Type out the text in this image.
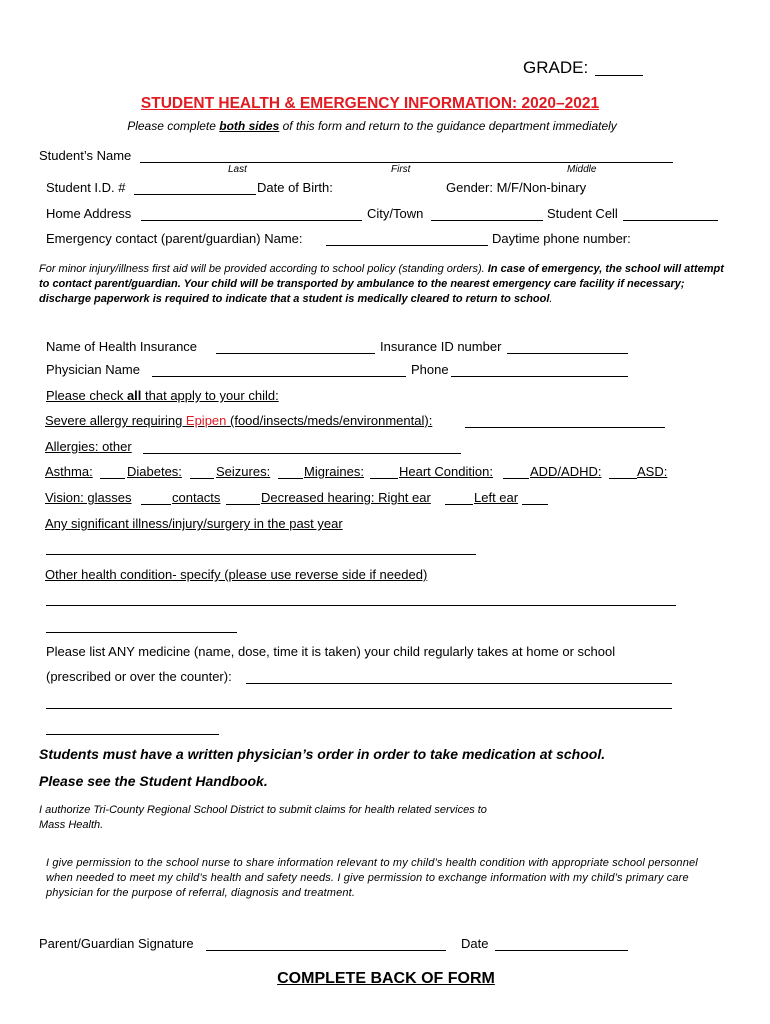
GRADE:
STUDENT HEALTH & EMERGENCY INFORMATION: 2020–2021
Please complete both sides of this form and return to the guidance department immediately
Student’s Name
Last	First	Middle
Student I.D. #	Date of Birth:	Gender: M/F/Non-binary
Home Address	City/Town	Student Cell
Emergency contact (parent/guardian) Name:	Daytime phone number:
For minor injury/illness first aid will be provided according to school policy (standing orders). In case of emergency, the school will attempt to contact parent/guardian. Your child will be transported by ambulance to the nearest emergency care facility if necessary; discharge paperwork is required to indicate that a student is medically cleared to return to school.
Name of Health Insurance	Insurance ID number
Physician Name	Phone
Please check all that apply to your child:
Severe allergy requiring Epipen (food/insects/meds/environmental):
Allergies: other
Asthma:	Diabetes:	Seizures:	Migraines:	Heart Condition:	ADD/ADHD:	ASD:
Vision: glasses	contacts	Decreased hearing: Right ear	Left ear
Any significant illness/injury/surgery in the past year
Other health condition- specify (please use reverse side if needed)
Please list ANY medicine (name, dose, time it is taken) your child regularly takes at home or school
(prescribed or over the counter):
Students must have a written physician’s order in order to take medication at school.
Please see the Student Handbook.
I authorize Tri-County Regional School District to submit claims for health related services to
Mass Health.
I give permission to the school nurse to share information relevant to my child’s health condition with appropriate school personnel when needed to meet my child’s health and safety needs. I give permission to exchange information with my child’s primary care physician for the purpose of referral, diagnosis and treatment.
Parent/Guardian Signature	Date
COMPLETE BACK OF FORM
